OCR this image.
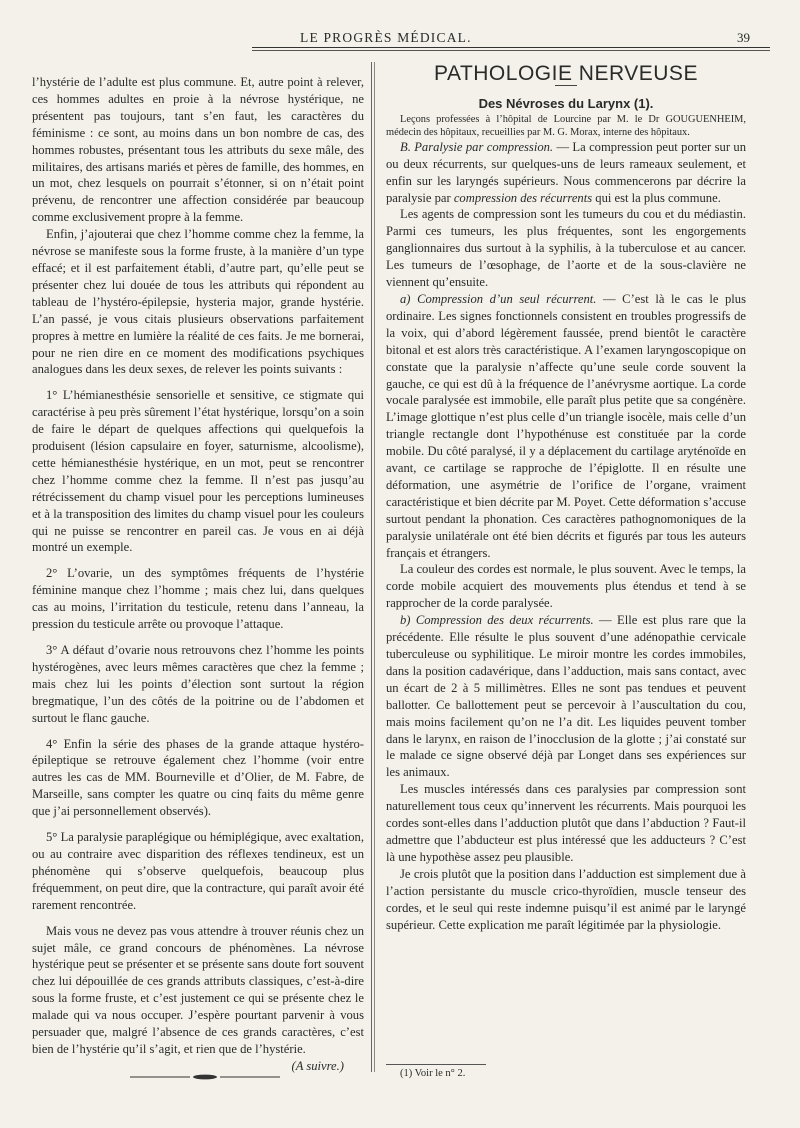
LE PROGRÈS MÉDICAL.	39

l’hystérie de l’adulte est plus commune. Et, autre point à relever, ces hommes adultes en proie à la névrose hystérique, ne présentent pas toujours, tant s’en faut, les caractères du féminisme : ce sont, au moins dans un bon nombre de cas, des hommes robustes, présentant tous les attributs du sexe mâle, des militaires, des artisans mariés et pères de famille, des hommes, en un mot, chez lesquels on pourrait s’étonner, si on n’était point prévenu, de rencontrer une affection considérée par beaucoup comme exclusivement propre à la femme.

Enfin, j’ajouterai que chez l’homme comme chez la femme, la névrose se manifeste sous la forme fruste, à la manière d’un type effacé; et il est parfaitement établi, d’autre part, qu’elle peut se présenter chez lui douée de tous les attributs qui répondent au tableau de l’hystéro-épilepsie, hysteria major, grande hystérie. L’an passé, je vous citais plusieurs observations parfaitement propres à mettre en lumière la réalité de ces faits. Je me bornerai, pour ne rien dire en ce moment des modifications psychiques analogues dans les deux sexes, de relever les points suivants :

1° L’hémianesthésie sensorielle et sensitive, ce stigmate qui caractérise à peu près sûrement l’état hystérique, lorsqu’on a soin de faire le départ de quelques affections qui quelquefois la produisent (lésion capsulaire en foyer, saturnisme, alcoolisme), cette hémianesthésie hystérique, en un mot, peut se rencontrer chez l’homme comme chez la femme. Il n’est pas jusqu’au rétrécissement du champ visuel pour les perceptions lumineuses et à la transposition des limites du champ visuel pour les couleurs qui ne puisse se rencontrer en pareil cas. Je vous en ai déjà montré un exemple.

2° L’ovarie, un des symptômes fréquents de l’hystérie féminine manque chez l’homme ; mais chez lui, dans quelques cas au moins, l’irritation du testicule, retenu dans l’anneau, la pression du testicule arrête ou provoque l’attaque.

3° A défaut d’ovarie nous retrouvons chez l’homme les points hystérogènes, avec leurs mêmes caractères que chez la femme ; mais chez lui les points d’élection sont surtout la région bregmatique, l’un des côtés de la poitrine ou de l’abdomen et surtout le flanc gauche.

4° Enfin la série des phases de la grande attaque hystéro-épileptique se retrouve également chez l’homme (voir entre autres les cas de MM. Bourneville et d’Olier, de M. Fabre, de Marseille, sans compter les quatre ou cinq faits du même genre que j’ai personnellement observés).

5° La paralysie paraplégique ou hémiplégique, avec exaltation, ou au contraire avec disparition des réflexes tendineux, est un phénomène qui s’observe quelquefois, beaucoup plus fréquemment, on peut dire, que la contracture, qui paraît avoir été rarement rencontrée.

Mais vous ne devez pas vous attendre à trouver réunis chez un sujet mâle, ce grand concours de phénomènes. La névrose hystérique peut se présenter et se présente sans doute fort souvent chez lui dépouillée de ces grands attributs classiques, c’est-à-dire sous la forme fruste, et c’est justement ce qui se présente chez le malade qui va nous occuper. J’espère pourtant parvenir à vous persuader que, malgré l’absence de ces grands caractères, c’est bien de l’hystérie qu’il s’agit, et rien que de l’hystérie.

(A suivre.)

PATHOLOGIE NERVEUSE

Des Névroses du Larynx (1).

Leçons professées à l’hôpital de Lourcine par M. le Dr GOUGUENHEIM, médecin des hôpitaux, recueillies par M. G. Morax, interne des hôpitaux.

B. Paralysie par compression. — La compression peut porter sur un ou deux récurrents, sur quelques-uns de leurs rameaux seulement, et enfin sur les laryngés supérieurs. Nous commencerons par décrire la paralysie par compression des récurrents qui est la plus commune.

Les agents de compression sont les tumeurs du cou et du médiastin. Parmi ces tumeurs, les plus fréquentes, sont les engorgements ganglionnaires dus surtout à la syphilis, à la tuberculose et au cancer. Les tumeurs de l’œsophage, de l’aorte et de la sous-clavière ne viennent qu’ensuite.

a) Compression d’un seul récurrent. — C’est là le cas le plus ordinaire. Les signes fonctionnels consistent en troubles progressifs de la voix, qui d’abord légèrement faussée, prend bientôt le caractère bitonal et est alors très caractéristique. A l’examen laryngoscopique on constate que la paralysie n’affecte qu’une seule corde souvent la gauche, ce qui est dû à la fréquence de l’anévrysme aortique. La corde vocale paralysée est immobile, elle paraît plus petite que sa congénère. L’image glottique n’est plus celle d’un triangle isocèle, mais celle d’un triangle rectangle dont l’hypothénuse est constituée par la corde mobile. Du côté paralysé, il y a déplacement du cartilage aryténoïde en avant, ce cartilage se rapproche de l’épiglotte. Il en résulte une déformation, une asymétrie de l’orifice de l’organe, vraiment caractéristique et bien décrite par M. Poyet. Cette déformation s’accuse surtout pendant la phonation. Ces caractères pathognomoniques de la paralysie unilatérale ont été bien décrits et figurés par tous les auteurs français et étrangers.

La couleur des cordes est normale, le plus souvent. Avec le temps, la corde mobile acquiert des mouvements plus étendus et tend à se rapprocher de la corde paralysée.

b) Compression des deux récurrents. — Elle est plus rare que la précédente. Elle résulte le plus souvent d’une adénopathie cervicale tuberculeuse ou syphilitique. Le miroir montre les cordes immobiles, dans la position cadavérique, dans l’adduction, mais sans contact, avec un écart de 2 à 5 millimètres. Elles ne sont pas tendues et peuvent ballotter. Ce ballottement peut se percevoir à l’auscultation du cou, mais moins facilement qu’on ne l’a dit. Les liquides peuvent tomber dans le larynx, en raison de l’inocclusion de la glotte ; j’ai constaté sur le malade ce signe observé déjà par Longet dans ses expériences sur les animaux.

Les muscles intéressés dans ces paralysies par compression sont naturellement tous ceux qu’innervent les récurrents. Mais pourquoi les cordes sont-elles dans l’adduction plutôt que dans l’abduction ? Faut-il admettre que l’abducteur est plus intéressé que les adducteurs ? C’est là une hypothèse assez peu plausible.

Je crois plutôt que la position dans l’adduction est simplement due à l’action persistante du muscle crico-thyroïdien, muscle tenseur des cordes, et le seul qui reste indemne puisqu’il est animé par le laryngé supérieur. Cette explication me paraît légitimée par la physiologie.

(1) Voir le n° 2.
